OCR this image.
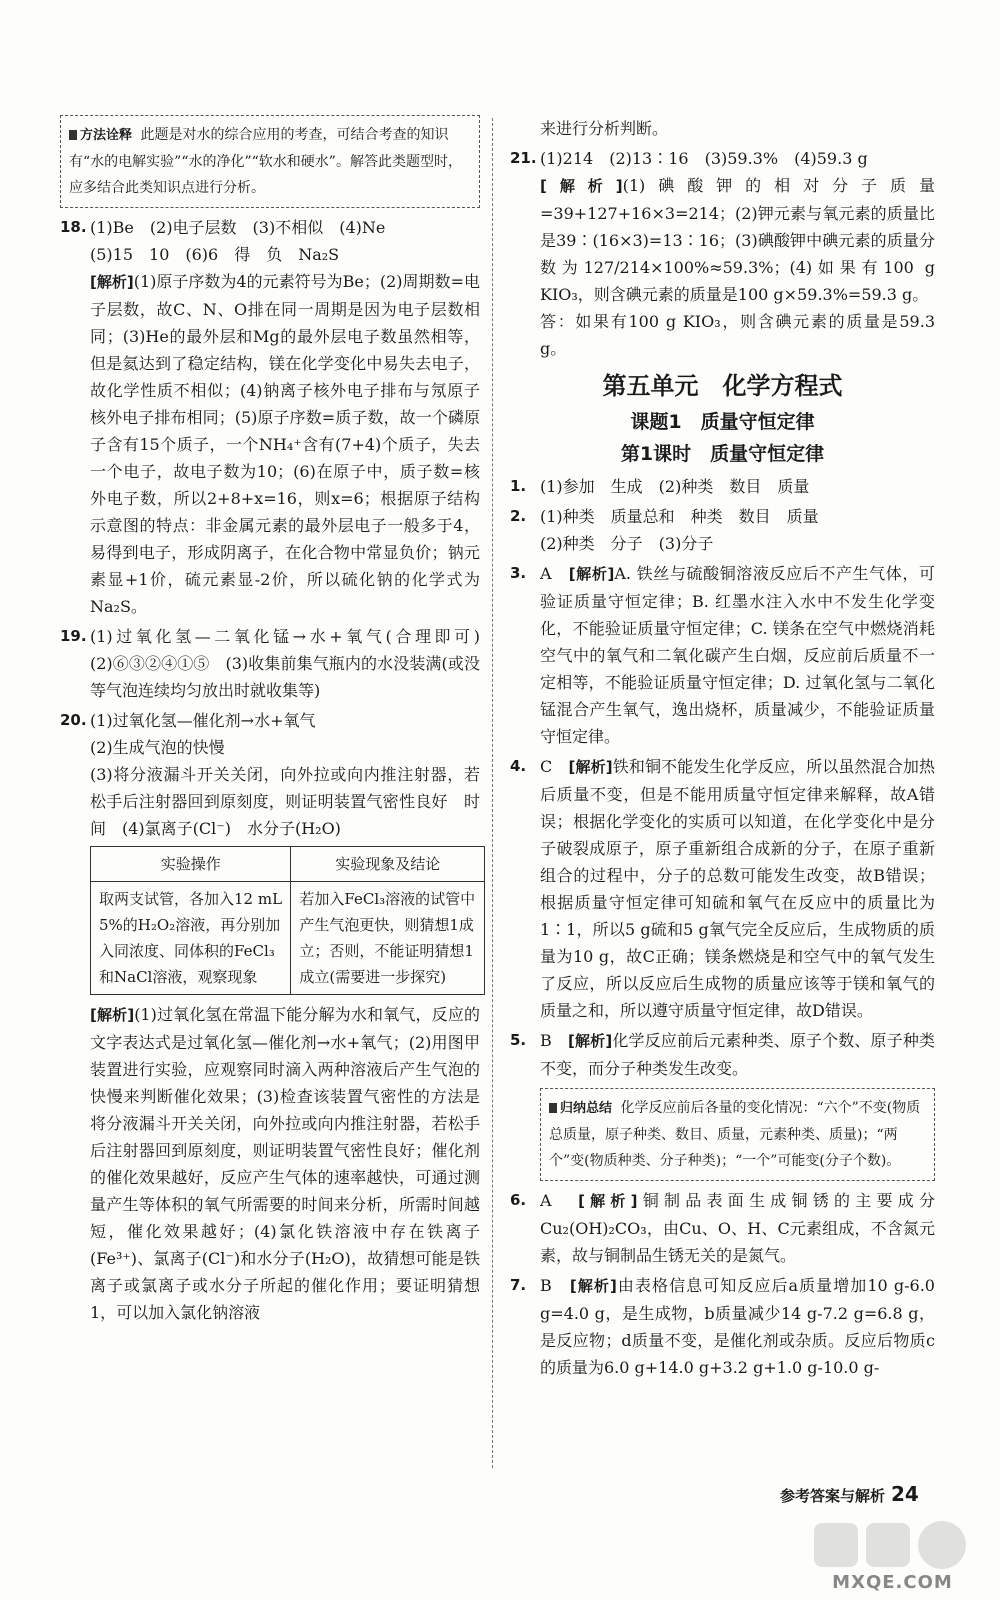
方法诠释 此题是对水的综合应用的考查，可结合考查的知识有“水的电解实验”“水的净化”“软水和硬水”。解答此类题型时，应多结合此类知识点进行分析。
18. (1)Be　(2)电子层数　(3)不相似　(4)Ne
(5)15　10　(6)6　得　负　Na₂S
[解析](1)原子序数为4的元素符号为Be；(2)周期数=电子层数，故C、N、O排在同一周期是因为电子层数相同；(3)He的最外层和Mg的最外层电子数虽然相等，但是氦达到了稳定结构，镁在化学变化中易失去电子，故化学性质不相似；(4)钠离子核外电子排布与氖原子核外电子排布相同；(5)原子序数=质子数，故一个磷原子含有15个质子，一个NH₄⁺含有(7+4)个质子，失去一个电子，故电子数为10；(6)在原子中，质子数=核外电子数，所以2+8+x=16，则x=6；根据原子结构示意图的特点：非金属元素的最外层电子一般多于4，易得到电子，形成阴离子，在化合物中常显负价；钠元素显+1价，硫元素显-2价，所以硫化钠的化学式为Na₂S。
19. (1)过氧化氢—二氧化锰→水+氧气(合理即可)　(2)⑥③②④①⑤　(3)收集前集气瓶内的水没装满(或没等气泡连续均匀放出时就收集等)
20. (1)过氧化氢—催化剂→水+氧气
(2)生成气泡的快慢
(3)将分液漏斗开关关闭，向外拉或向内推注射器，若松手后注射器回到原刻度，则证明装置气密性良好　时间　(4)氯离子(Cl⁻)　水分子(H₂O)
实验操作	实验现象及结论
取两支试管，各加入12 mL 5%的H₂O₂溶液，再分别加入同浓度、同体积的FeCl₃和NaCl溶液，观察现象	若加入FeCl₃溶液的试管中产生气泡更快，则猜想1成立；否则，不能证明猜想1成立(需要进一步探究)
[解析](1)过氧化氢在常温下能分解为水和氧气，反应的文字表达式是过氧化氢—催化剂→水+氧气；(2)用图甲装置进行实验，应观察同时滴入两种溶液后产生气泡的快慢来判断催化效果；(3)检查该装置气密性的方法是将分液漏斗开关关闭，向外拉或向内推注射器，若松手后注射器回到原刻度，则证明装置气密性良好；催化剂的催化效果越好，反应产生气体的速率越快，可通过测量产生等体积的氧气所需要的时间来分析，所需时间越短，催化效果越好；(4)氯化铁溶液中存在铁离子(Fe³⁺)、氯离子(Cl⁻)和水分子(H₂O)，故猜想可能是铁离子或氯离子或水分子所起的催化作用；要证明猜想1，可以加入氯化钠溶液
来进行分析判断。
21. (1)214　(2)13∶16　(3)59.3%　(4)59.3 g
[解析](1)碘酸钾的相对分子质量=39+127+16×3=214；(2)钾元素与氧元素的质量比是39∶(16×3)=13∶16；(3)碘酸钾中碘元素的质量分数为127/214×100%≈59.3%；(4)如果有100 g KIO₃，则含碘元素的质量是100 g×59.3%=59.3 g。
答：如果有100 g KIO₃，则含碘元素的质量是59.3 g。
第五单元　化学方程式
课题1　质量守恒定律
第1课时　质量守恒定律
1. (1)参加　生成　(2)种类　数目　质量
2. (1)种类　质量总和　种类　数目　质量
(2)种类　分子　(3)分子
3. A　 [解析]A. 铁丝与硫酸铜溶液反应后不产生气体，可验证质量守恒定律；B. 红墨水注入水中不发生化学变化，不能验证质量守恒定律；C. 镁条在空气中燃烧消耗空气中的氧气和二氧化碳产生白烟，反应前后质量不一定相等，不能验证质量守恒定律；D. 过氧化氢与二氧化锰混合产生氧气，逸出烧杯，质量减少，不能验证质量守恒定律。
4. C　 [解析]铁和铜不能发生化学反应，所以虽然混合加热后质量不变，但是不能用质量守恒定律来解释，故A错误；根据化学变化的实质可以知道，在化学变化中是分子破裂成原子，原子重新组合成新的分子，在原子重新组合的过程中，分子的总数可能发生改变，故B错误；根据质量守恒定律可知硫和氧气在反应中的质量比为1∶1，所以5 g硫和5 g氧气完全反应后，生成物质的质量为10 g，故C正确；镁条燃烧是和空气中的氧气发生了反应，所以反应后生成物的质量应该等于镁和氧气的质量之和，所以遵守质量守恒定律，故D错误。
5. B　 [解析]化学反应前后元素种类、原子个数、原子种类不变，而分子种类发生改变。
归纳总结 化学反应前后各量的变化情况：“六个”不变(物质总质量，原子种类、数目、质量，元素种类、质量)；“两个”变(物质种类、分子种类)；“一个”可能变(分子个数)。
6. A　 [解析]铜制品表面生成铜锈的主要成分Cu₂(OH)₂CO₃，由Cu、O、H、C元素组成，不含氮元素，故与铜制品生锈无关的是氮气。
7. B　 [解析]由表格信息可知反应后a质量增加10 g-6.0 g=4.0 g，是生成物，b质量减少14 g-7.2 g=6.8 g，是反应物；d质量不变，是催化剂或杂质。反应后物质c的质量为6.0 g+14.0 g+3.2 g+1.0 g-10.0 g-
参考答案与解析 24
MXQE.COM
